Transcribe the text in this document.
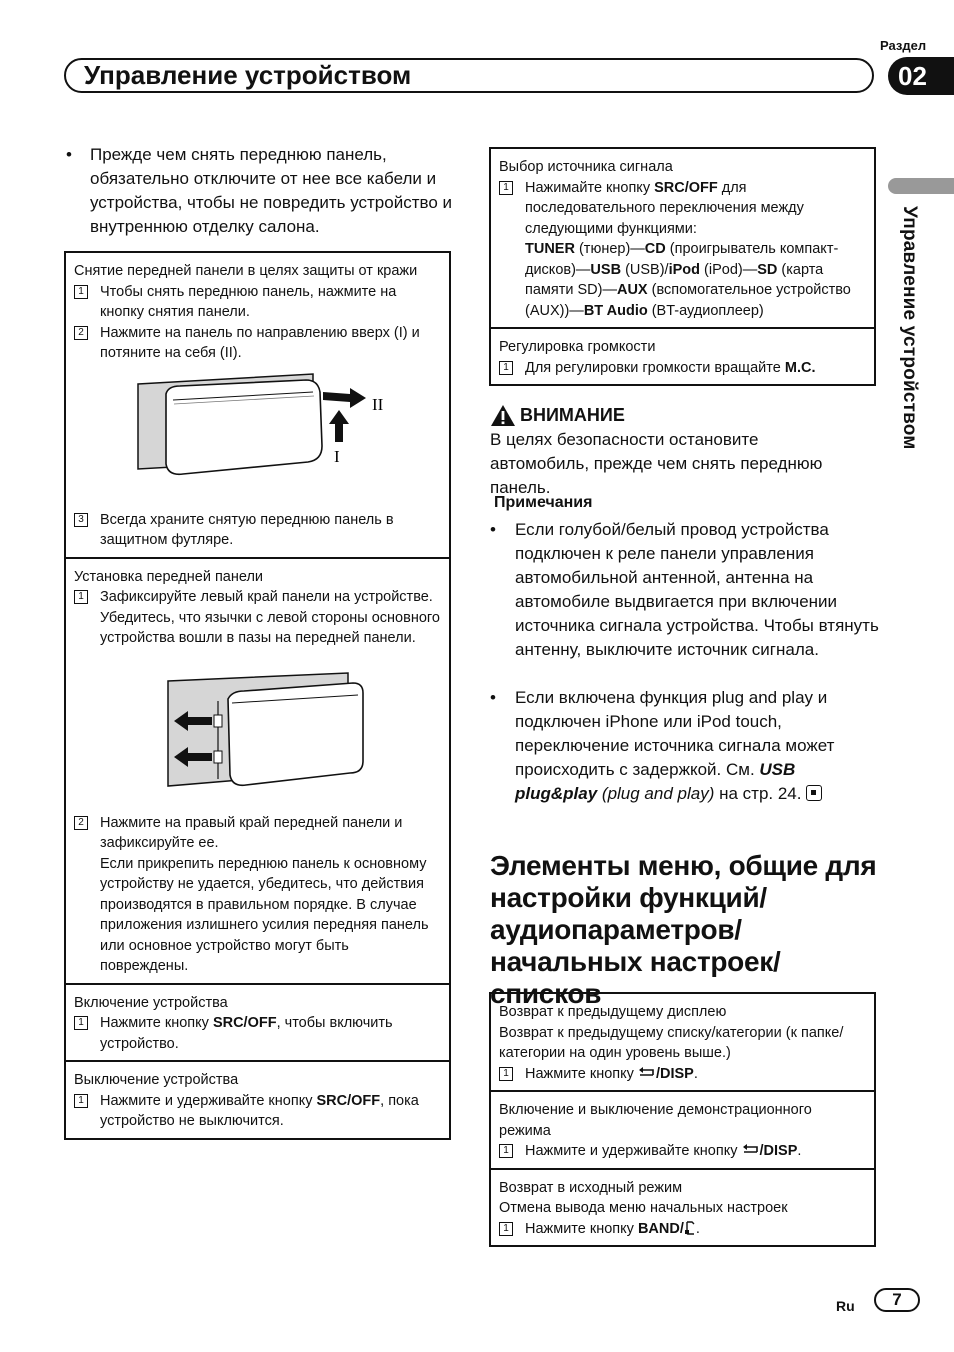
Раздел
02
Управление устройством
Управление устройством
• Прежде чем снять переднюю панель, обязательно отключите от нее все кабели и устройства, чтобы не повредить устройство и внутреннюю отделку салона.
Снятие передней панели в целях защиты от кражи
1 Чтобы снять переднюю панель, нажмите на кнопку снятия панели.
2 Нажмите на панель по направлению вверх (I) и потяните на себя (II).
II
I
3 Всегда храните снятую переднюю панель в защитном футляре.
Установка передней панели
1 Зафиксируйте левый край панели на устройстве.
Убедитесь, что язычки с левой стороны основного устройства вошли в пазы на передней панели.
2 Нажмите на правый край передней панели и зафиксируйте ее.
Если прикрепить переднюю панель к основному устройству не удается, убедитесь, что действия производятся в правильном порядке. В случае приложения излишнего усилия передняя панель или основное устройство могут быть повреждены.
Включение устройства
1 Нажмите кнопку SRC/OFF, чтобы включить устройство.
Выключение устройства
1 Нажмите и удерживайте кнопку SRC/OFF, пока устройство не выключится.
Выбор источника сигнала
1 Нажимайте кнопку SRC/OFF для последовательного переключения между следующими функциями:
TUNER (тюнер)—CD (проигрыватель компакт-дисков)—USB (USB)/iPod (iPod)—SD (карта памяти SD)—AUX (вспомогательное устройство (AUX))—BT Audio (BT-аудиоплеер)
Регулировка громкости
1 Для регулировки громкости вращайте M.C.
ВНИМАНИЕ
В целях безопасности остановите автомобиль, прежде чем снять переднюю панель.
Примечания
• Если голубой/белый провод устройства подключен к реле панели управления автомобильной антенной, антенна на автомобиле выдвигается при включении источника сигнала устройства. Чтобы втянуть антенну, выключите источник сигнала.
• Если включена функция plug and play и подключен iPhone или iPod touch, переключение источника сигнала может происходить с задержкой. См. USB plug&play (plug and play) на стр. 24.
Элементы меню, общие для настройки функций/аудиопараметров/начальных настроек/списков
Возврат к предыдущему дисплею
Возврат к предыдущему списку/категории (к папке/категории на один уровень выше.)
1 Нажмите кнопку /DISP.
Включение и выключение демонстрационного режима
1 Нажмите и удерживайте кнопку /DISP.
Возврат в исходный режим
Отмена вывода меню начальных настроек
1 Нажмите кнопку BAND/ .
Ru	7
